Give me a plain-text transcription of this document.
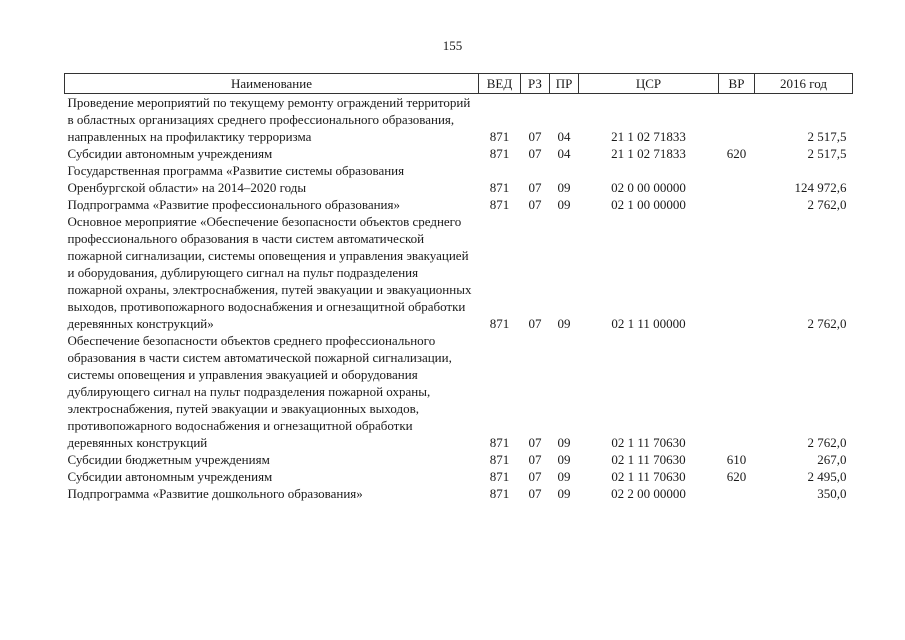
155
Наименование	ВЕД	РЗ	ПР	ЦСР	ВР	2016 год
Проведение мероприятий по текущему ремонту ограждений территорий в областных организациях среднего профессионального образования, направленных на профилактику терроризма	871	07	04	21 1 02 71833		2 517,5
Субсидии автономным учреждениям	871	07	04	21 1 02 71833	620	2 517,5
Государственная программа «Развитие системы образования Оренбургской области» на 2014–2020 годы	871	07	09	02 0 00 00000		124 972,6
Подпрограмма «Развитие профессионального образования»	871	07	09	02 1 00 00000		2 762,0
Основное мероприятие «Обеспечение безопасности объектов среднего профессионального образования в части систем автоматической пожарной сигнализации, системы оповещения и управления эвакуацией и оборудования, дублирующего сигнал на пульт подразделения пожарной охраны, электроснабжения, путей эвакуации и эвакуационных выходов, противопожарного водоснабжения и огнезащитной обработки деревянных конструкций»	871	07	09	02 1 11 00000		2 762,0
Обеспечение безопасности объектов среднего профессионального образования в части систем автоматической пожарной сигнализации, системы оповещения и управления эвакуацией и оборудования дублирующего сигнал на пульт подразделения пожарной охраны, электроснабжения, путей эвакуации и эвакуационных выходов, противопожарного водоснабжения и огнезащитной обработки деревянных конструкций	871	07	09	02 1 11 70630		2 762,0
Субсидии бюджетным учреждениям	871	07	09	02 1 11 70630	610	267,0
Субсидии автономным учреждениям	871	07	09	02 1 11 70630	620	2 495,0
Подпрограмма «Развитие дошкольного образования»	871	07	09	02 2 00 00000		350,0
